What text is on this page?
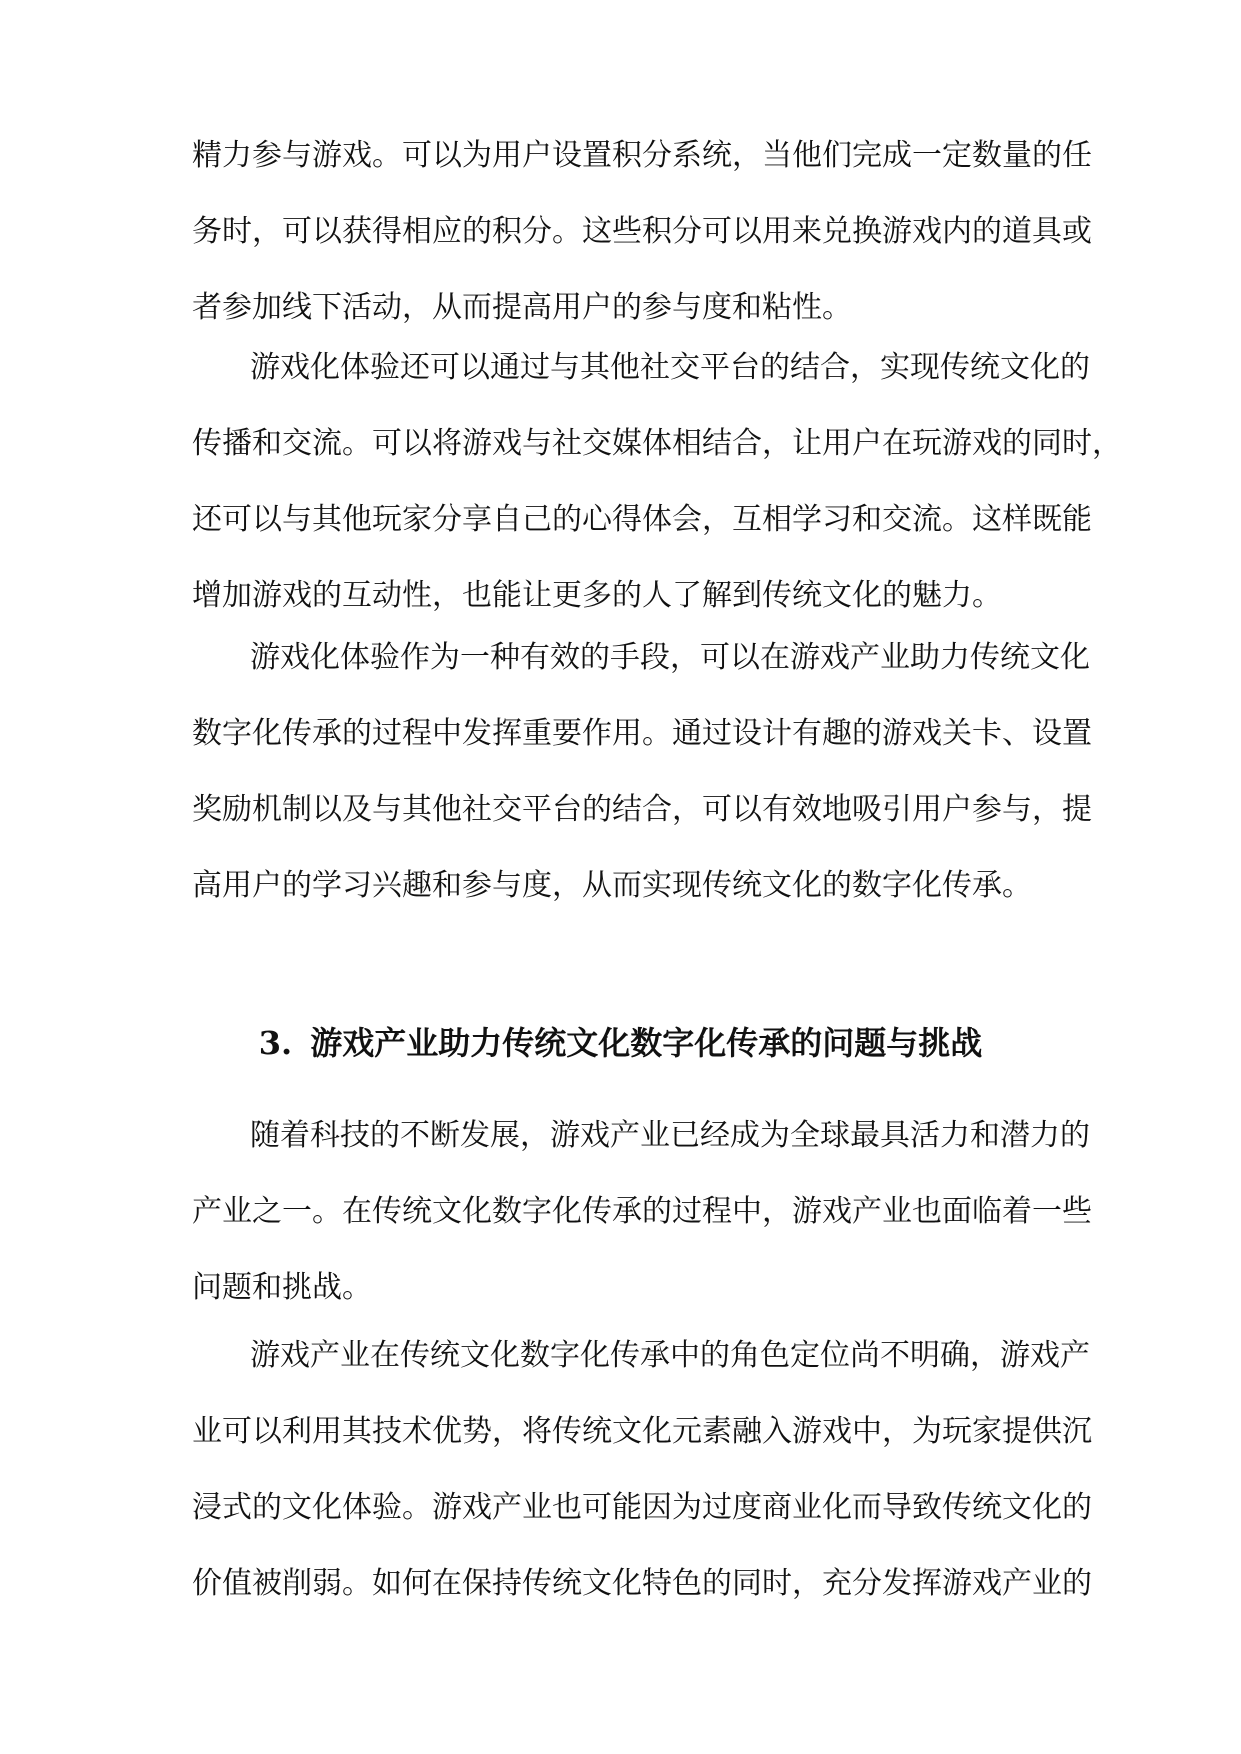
精力参与游戏。可以为用户设置积分系统，当他们完成一定数量的任
务时，可以获得相应的积分。这些积分可以用来兑换游戏内的道具或
者参加线下活动，从而提高用户的参与度和粘性。
游戏化体验还可以通过与其他社交平台的结合，实现传统文化的
传播和交流。可以将游戏与社交媒体相结合，让用户在玩游戏的同时，
还可以与其他玩家分享自己的心得体会，互相学习和交流。这样既能
增加游戏的互动性，也能让更多的人了解到传统文化的魅力。
游戏化体验作为一种有效的手段，可以在游戏产业助力传统文化
数字化传承的过程中发挥重要作用。通过设计有趣的游戏关卡、设置
奖励机制以及与其他社交平台的结合，可以有效地吸引用户参与，提
高用户的学习兴趣和参与度，从而实现传统文化的数字化传承。
3. 游戏产业助力传统文化数字化传承的问题与挑战
随着科技的不断发展，游戏产业已经成为全球最具活力和潜力的
产业之一。在传统文化数字化传承的过程中，游戏产业也面临着一些
问题和挑战。
游戏产业在传统文化数字化传承中的角色定位尚不明确，游戏产
业可以利用其技术优势，将传统文化元素融入游戏中，为玩家提供沉
浸式的文化体验。游戏产业也可能因为过度商业化而导致传统文化的
价值被削弱。如何在保持传统文化特色的同时，充分发挥游戏产业的
